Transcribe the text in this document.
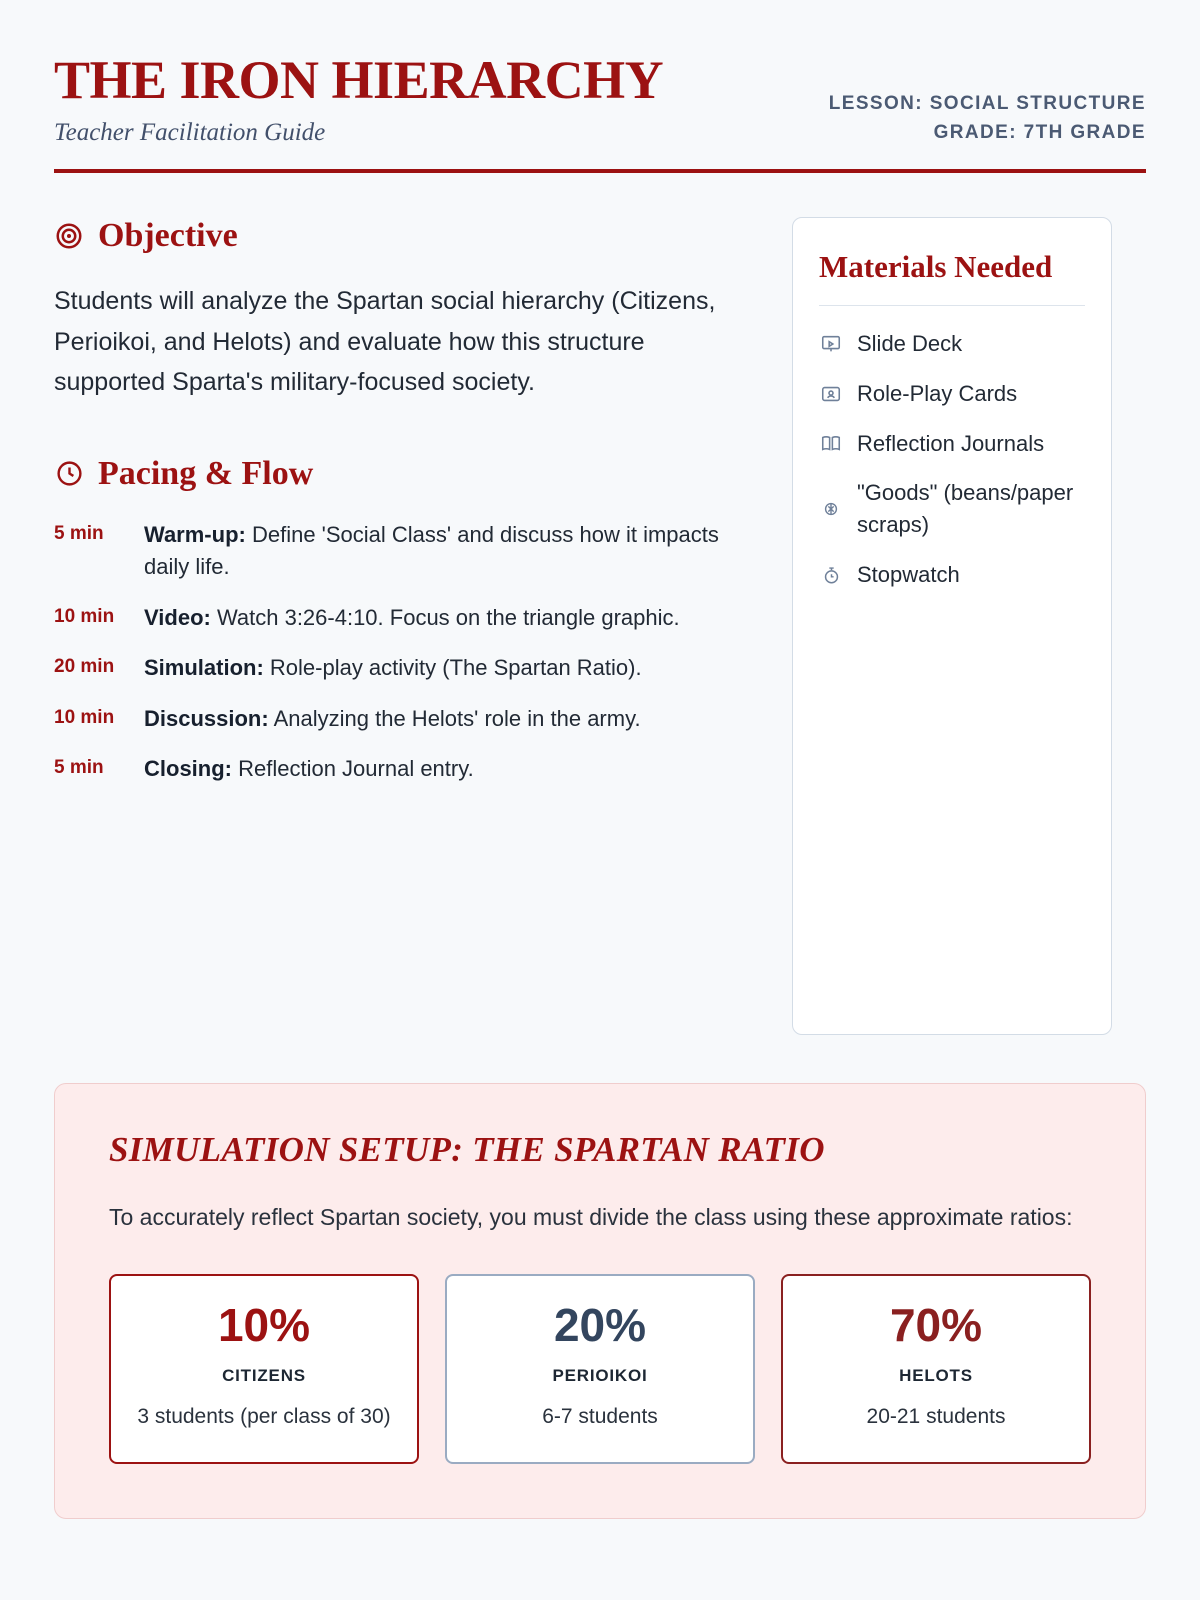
THE IRON HIERARCHY
Teacher Facilitation Guide
LESSON: SOCIAL STRUCTURE
GRADE: 7TH GRADE
Objective

Students will analyze the Spartan social hierarchy (Citizens, Perioikoi, and Helots) and evaluate how this structure supported Sparta's military-focused society.

Pacing & Flow
5 min	Warm-up: Define 'Social Class' and discuss how it impacts daily life.
10 min	Video: Watch 3:26-4:10. Focus on the triangle graphic.
20 min	Simulation: Role-play activity (The Spartan Ratio).
10 min	Discussion: Analyzing the Helots' role in the army.
5 min	Closing: Reflection Journal entry.
Materials Needed
Slide Deck
Role-Play Cards
Reflection Journals
"Goods" (beans/paper scraps)
Stopwatch
SIMULATION SETUP: THE SPARTAN RATIO

To accurately reflect Spartan society, you must divide the class using these approximate ratios:

10%
CITIZENS
3 students (per class of 30)
20%
PERIOIKOI
6-7 students
70%
HELOTS
20-21 students
